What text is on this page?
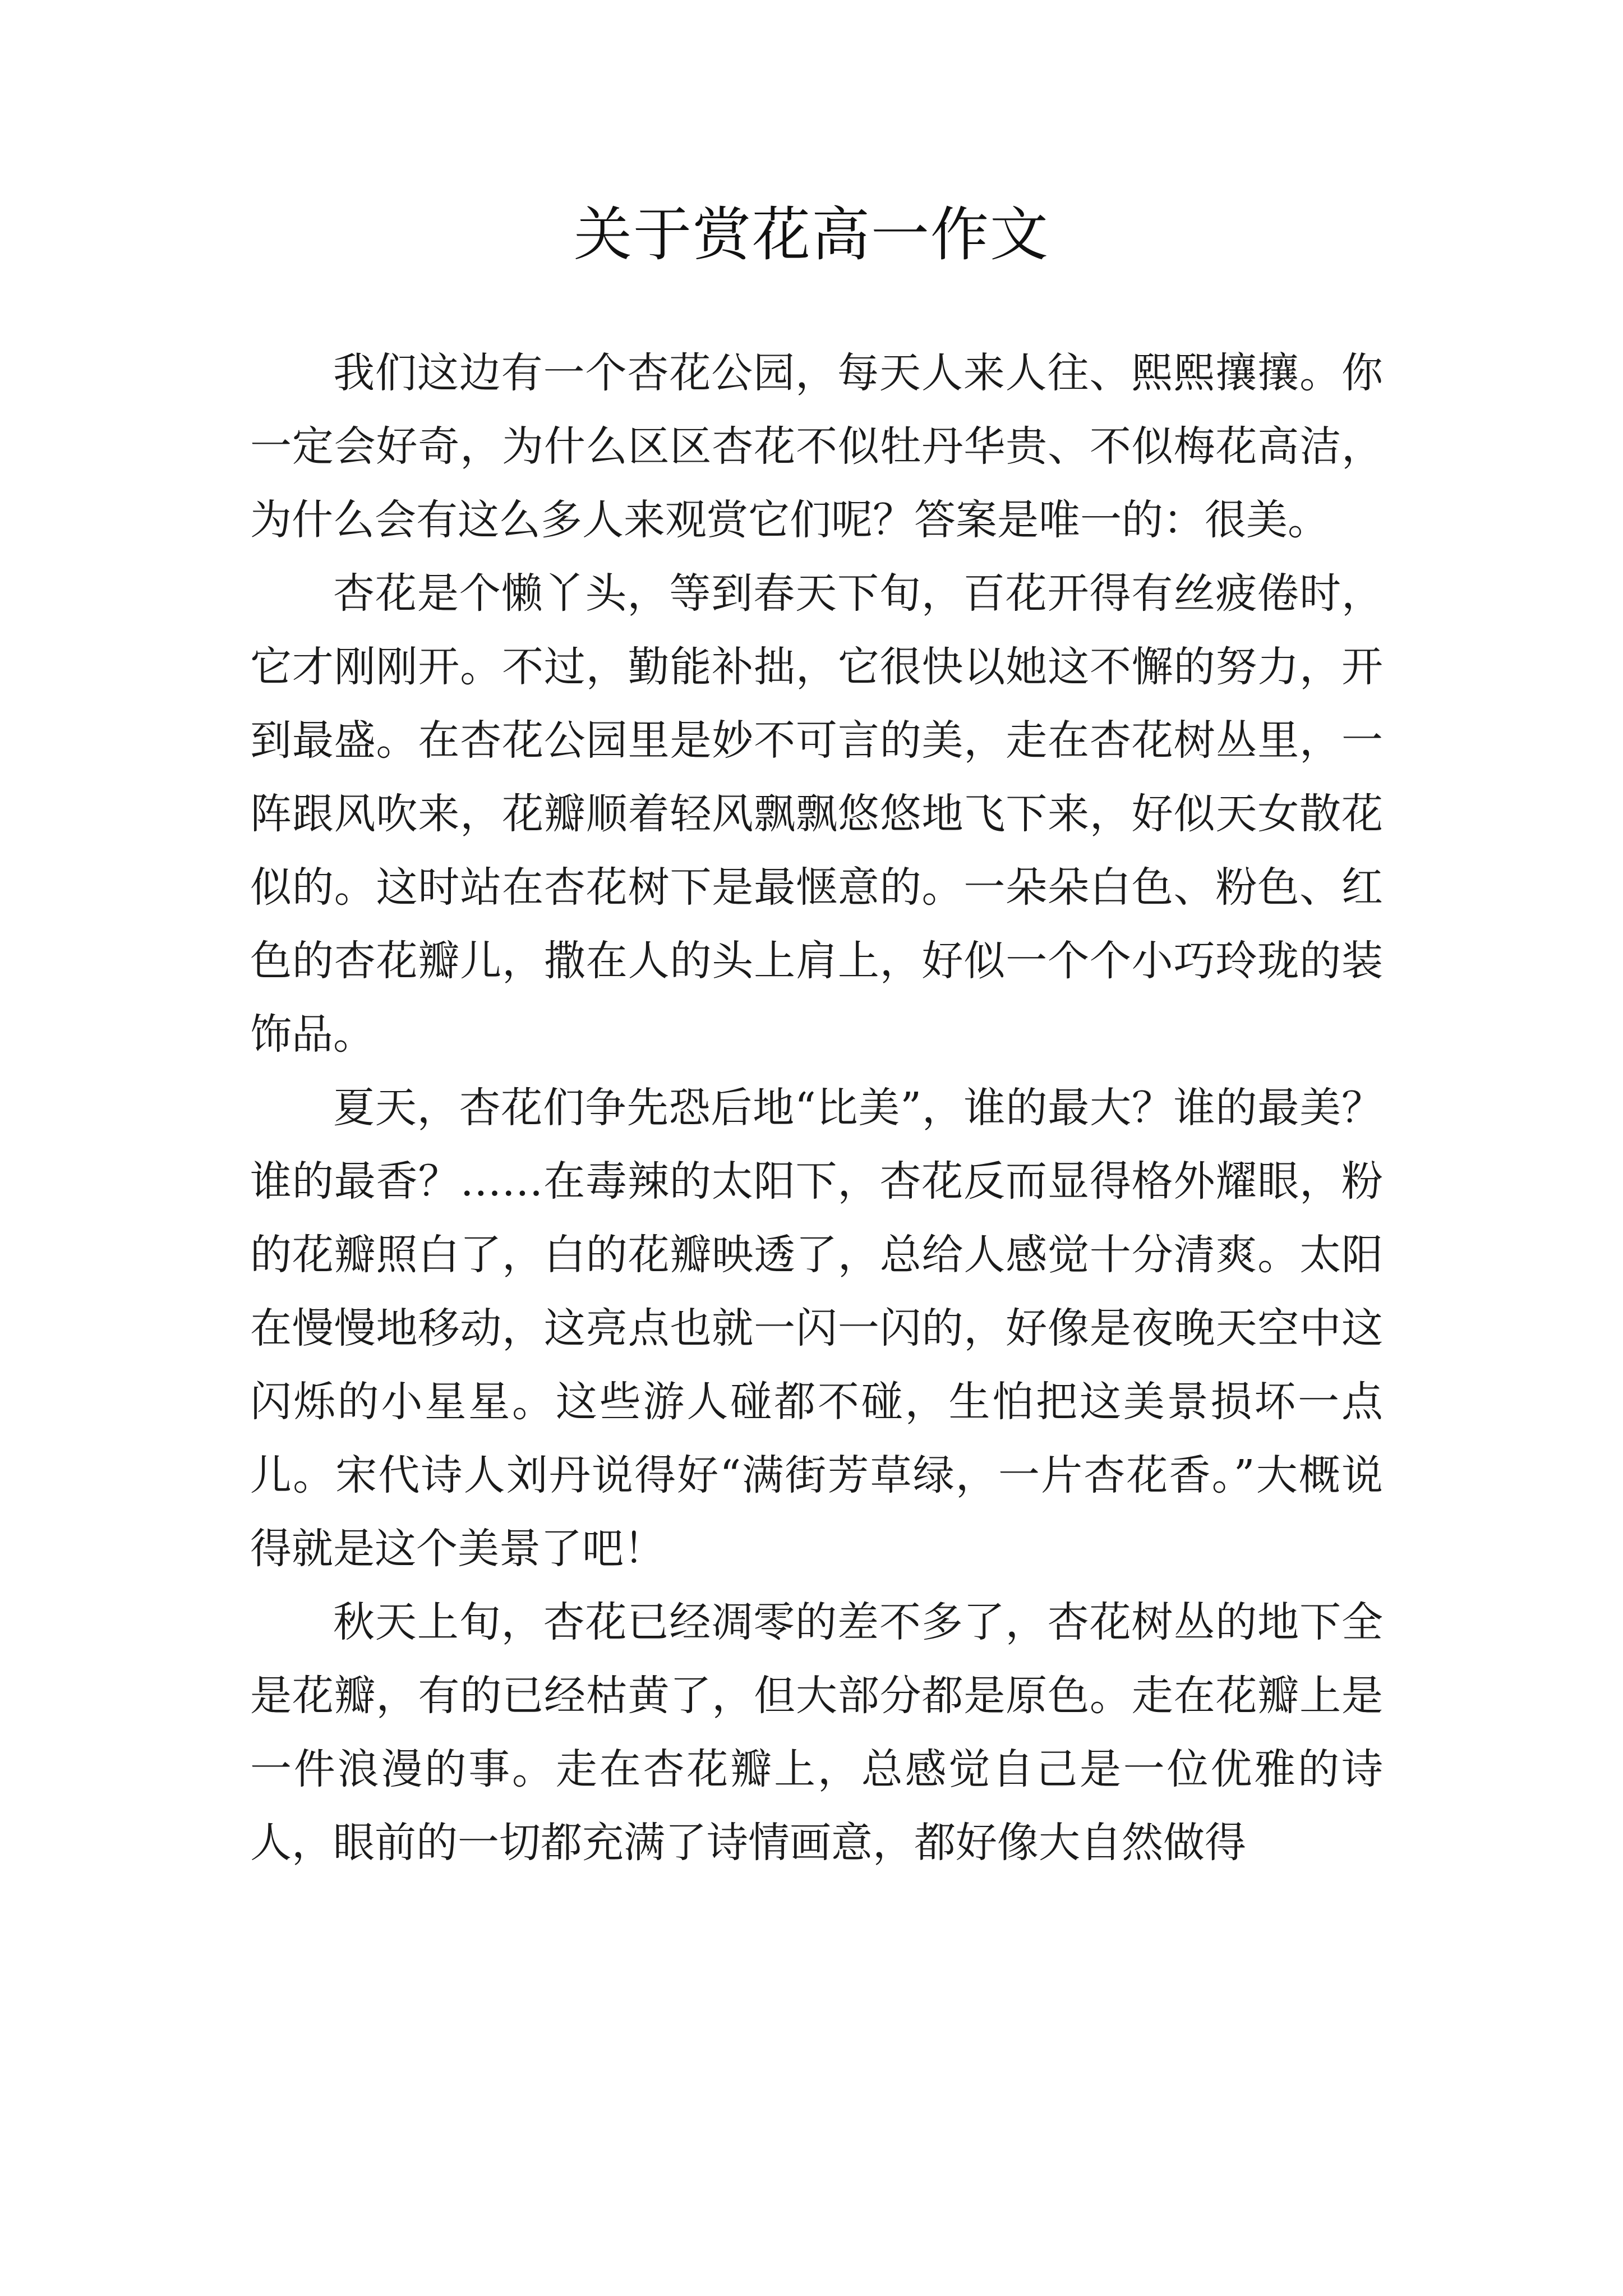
关于赏花高一作文

我们这边有一个杏花公园，每天人来人往、熙熙攘攘。你一定会好奇，为什么区区杏花不似牡丹华贵、不似梅花高洁，为什么会有这么多人来观赏它们呢？答案是唯一的：很美。

杏花是个懒丫头，等到春天下旬，百花开得有丝疲倦时，它才刚刚开。不过，勤能补拙，它很快以她这不懈的努力，开到最盛。在杏花公园里是妙不可言的美，走在杏花树丛里，一阵跟风吹来，花瓣顺着轻风飘飘悠悠地飞下来，好似天女散花似的。这时站在杏花树下是最惬意的。一朵朵白色、粉色、红色的杏花瓣儿，撒在人的头上肩上，好似一个个小巧玲珑的装饰品。

夏天，杏花们争先恐后地“比美”，谁的最大？谁的最美？谁的最香？……在毒辣的太阳下，杏花反而显得格外耀眼，粉的花瓣照白了，白的花瓣映透了，总给人感觉十分清爽。太阳在慢慢地移动，这亮点也就一闪一闪的，好像是夜晚天空中这闪烁的小星星。这些游人碰都不碰，生怕把这美景损坏一点儿。宋代诗人刘丹说得好“满街芳草绿，一片杏花香。”大概说得就是这个美景了吧！

秋天上旬，杏花已经凋零的差不多了，杏花树丛的地下全是花瓣，有的已经枯黄了，但大部分都是原色。走在花瓣上是一件浪漫的事。走在杏花瓣上，总感觉自己是一位优雅的诗人，眼前的一切都充满了诗情画意，都好像大自然做得
